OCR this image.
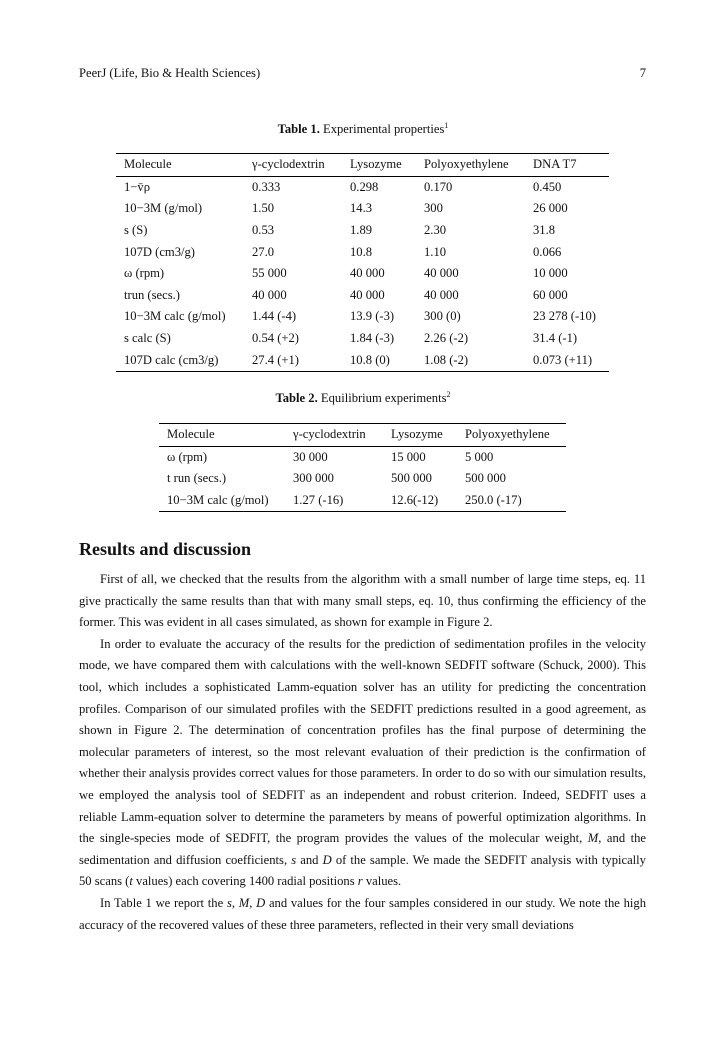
PeerJ (Life, Bio & Health Sciences)	7
Table 1. Experimental properties$^1$
Molecule	γ-cyclodextrin	Lysozyme	Polyoxyethylene	DNA T7
1−v̄ρ	0.333	0.298	0.170	0.450
10−3M (g/mol)	1.50	14.3	300	26 000
s (S)	0.53	1.89	2.30	31.8
107D (cm3/g)	27.0	10.8	1.10	0.066
ω (rpm)	55 000	40 000	40 000	10 000
trun (secs.)	40 000	40 000	40 000	60 000
10−3M calc (g/mol)	1.44 (-4)	13.9 (-3)	300 (0)	23 278 (-10)
s calc (S)	0.54 (+2)	1.84 (-3)	2.26 (-2)	31.4 (-1)
107D calc (cm3/g)	27.4 (+1)	10.8 (0)	1.08 (-2)	0.073 (+11)
Table 2. Equilibrium experiments$^2$
Molecule	γ-cyclodextrin	Lysozyme	Polyoxyethylene
ω (rpm)	30 000	15 000	5 000
t run (secs.)	300 000	500 000	500 000
10−3M calc (g/mol)	1.27 (-16)	12.6(-12)	250.0 (-17)
Results and discussion

First of all, we checked that the results from the algorithm with a small number of large time steps, eq. 11 give practically the same results than that with many small steps, eq. 10, thus confirming the efficiency of the former. This was evident in all cases simulated, as shown for example in Figure 2.

In order to evaluate the accuracy of the results for the prediction of sedimentation profiles in the velocity mode, we have compared them with calculations with the well-known SEDFIT software (Schuck, 2000). This tool, which includes a sophisticated Lamm-equation solver has an utility for predicting the concentration profiles. Comparison of our simulated profiles with the SEDFIT predictions resulted in a good agreement, as shown in Figure 2. The determination of concentration profiles has the final purpose of determining the molecular parameters of interest, so the most relevant evaluation of their prediction is the confirmation of whether their analysis provides correct values for those parameters. In order to do so with our simulation results, we employed the analysis tool of SEDFIT as an independent and robust criterion. Indeed, SEDFIT uses a reliable Lamm-equation solver to determine the parameters by means of powerful optimization algorithms. In the single-species mode of SEDFIT, the program provides the values of the molecular weight, M, and the sedimentation and diffusion coefficients, s and D of the sample. We made the SEDFIT analysis with typically 50 scans (t values) each covering 1400 radial positions r values.

In Table 1 we report the s, M, D and values for the four samples considered in our study. We note the high accuracy of the recovered values of these three parameters, reflected in their very small deviations
